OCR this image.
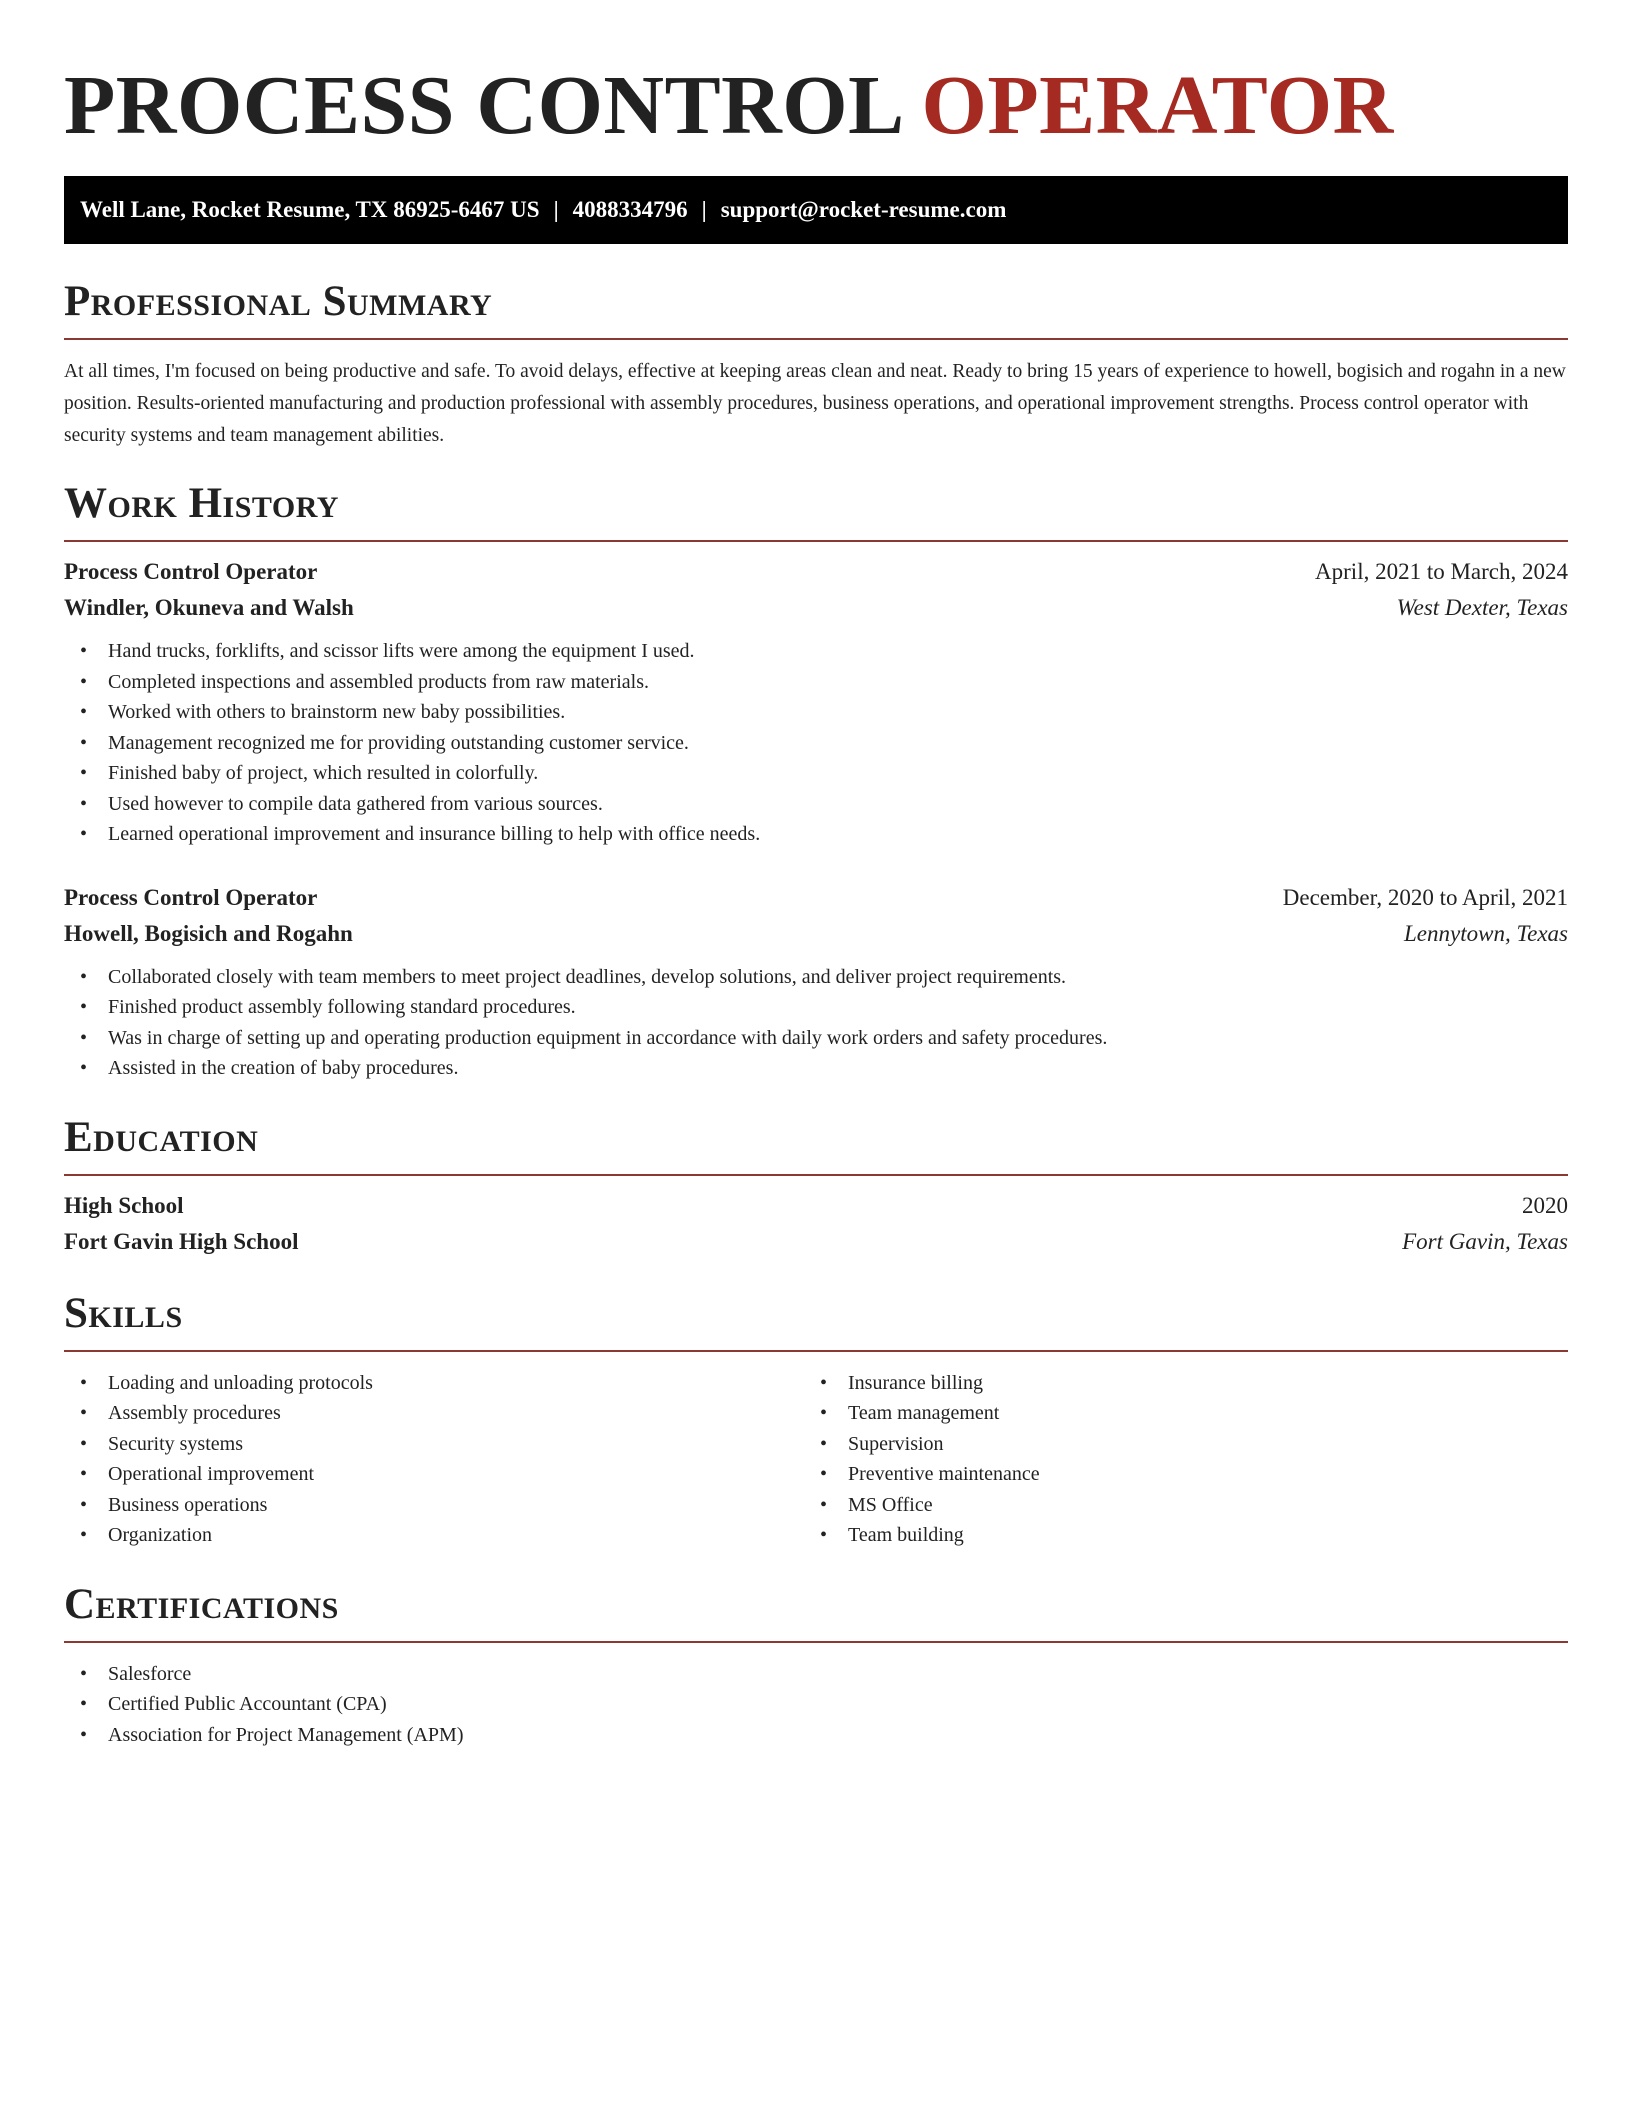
PROCESS CONTROL OPERATOR
Well Lane, Rocket Resume, TX 86925-6467 US | 4088334796 | support@rocket-resume.com
Professional Summary

At all times, I'm focused on being productive and safe. To avoid delays, effective at keeping areas clean and neat. Ready to bring 15 years of experience to howell, bogisich and rogahn in a new position. Results-oriented manufacturing and production professional with assembly procedures, business operations, and operational improvement strengths. Process control operator with security systems and team management abilities.

Work History
Process Control Operator	April, 2021 to March, 2024
Windler, Okuneva and Walsh	West Dexter, Texas
• Hand trucks, forklifts, and scissor lifts were among the equipment I used.
• Completed inspections and assembled products from raw materials.
• Worked with others to brainstorm new baby possibilities.
• Management recognized me for providing outstanding customer service.
• Finished baby of project, which resulted in colorfully.
• Used however to compile data gathered from various sources.
• Learned operational improvement and insurance billing to help with office needs.
Process Control Operator	December, 2020 to April, 2021
Howell, Bogisich and Rogahn	Lennytown, Texas
• Collaborated closely with team members to meet project deadlines, develop solutions, and deliver project requirements.
• Finished product assembly following standard procedures.
• Was in charge of setting up and operating production equipment in accordance with daily work orders and safety procedures.
• Assisted in the creation of baby procedures.
Education
High School	2020
Fort Gavin High School	Fort Gavin, Texas
Skills
• Loading and unloading protocols
• Assembly procedures
• Security systems
• Operational improvement
• Business operations
• Organization
• Insurance billing
• Team management
• Supervision
• Preventive maintenance
• MS Office
• Team building
Certifications
• Salesforce
• Certified Public Accountant (CPA)
• Association for Project Management (APM)
